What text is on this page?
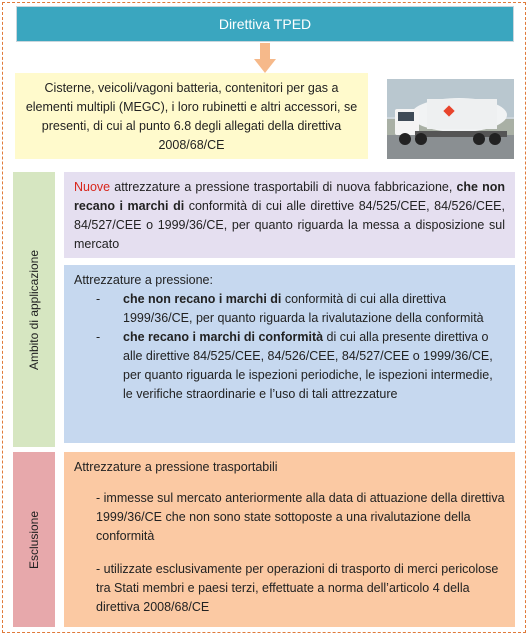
Direttiva TPED

Cisterne, veicoli/vagoni batteria, contenitori per gas a elementi multipli (MEGC), i loro rubinetti e altri accessori, se presenti, di cui al punto 6.8 degli allegati della direttiva 2008/68/CE

Ambito di applicazione
Esclusione

Nuove attrezzature a pressione trasportabili di nuova fabbricazione, che non recano i marchi di conformità di cui alle direttive 84/525/CEE, 84/526/CEE, 84/527/CEE o 1999/36/CE, per quanto riguarda la messa a disposizione sul mercato

Attrezzature a pressione:

-	che non recano i marchi di conformità di cui alla direttiva 1999/36/CE, per quanto riguarda la rivalutazione della conformità
-	che recano i marchi di conformità di cui alla presente direttiva o alle direttive 84/525/CEE, 84/526/CEE, 84/527/CEE o 1999/36/CE, per quanto riguarda le ispezioni periodiche, le ispezioni intermedie, le verifiche straordinarie e l’uso di tali attrezzature

Attrezzature a pressione trasportabili

- immesse sul mercato anteriormente alla data di attuazione della direttiva 1999/36/CE che non sono state sottoposte a una rivalutazione della conformità

- utilizzate esclusivamente per operazioni di trasporto di merci pericolose tra Stati membri e paesi terzi, effettuate a norma dell’articolo 4 della direttiva 2008/68/CE
